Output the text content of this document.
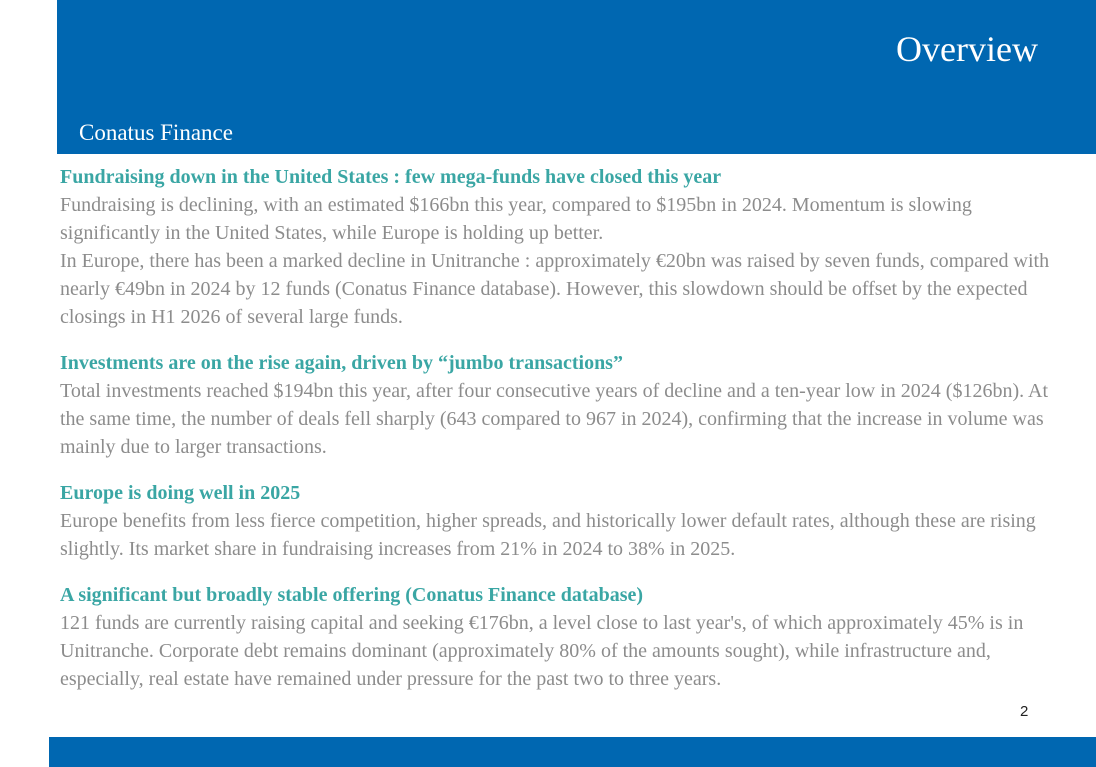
Overview
Conatus Finance

Fundraising down in the United States : few mega-funds have closed this year

Fundraising is declining, with an estimated $166bn this year, compared to $195bn in 2024. Momentum is slowing significantly in the United States, while Europe is holding up better.

In Europe, there has been a marked decline in Unitranche : approximately €20bn was raised by seven funds, compared with nearly €49bn in 2024 by 12 funds (Conatus Finance database). However, this slowdown should be offset by the expected closings in H1 2026 of several large funds.

Investments are on the rise again, driven by “jumbo transactions”

Total investments reached $194bn this year, after four consecutive years of decline and a ten-year low in 2024 ($126bn). At the same time, the number of deals fell sharply (643 compared to 967 in 2024), confirming that the increase in volume was mainly due to larger transactions.

Europe is doing well in 2025

Europe benefits from less fierce competition, higher spreads, and historically lower default rates, although these are rising slightly. Its market share in fundraising increases from 21% in 2024 to 38% in 2025.

A significant but broadly stable offering (Conatus Finance database)

121 funds are currently raising capital and seeking €176bn, a level close to last year's, of which approximately 45% is in Unitranche. Corporate debt remains dominant (approximately 80% of the amounts sought), while infrastructure and, especially, real estate have remained under pressure for the past two to three years.

2
